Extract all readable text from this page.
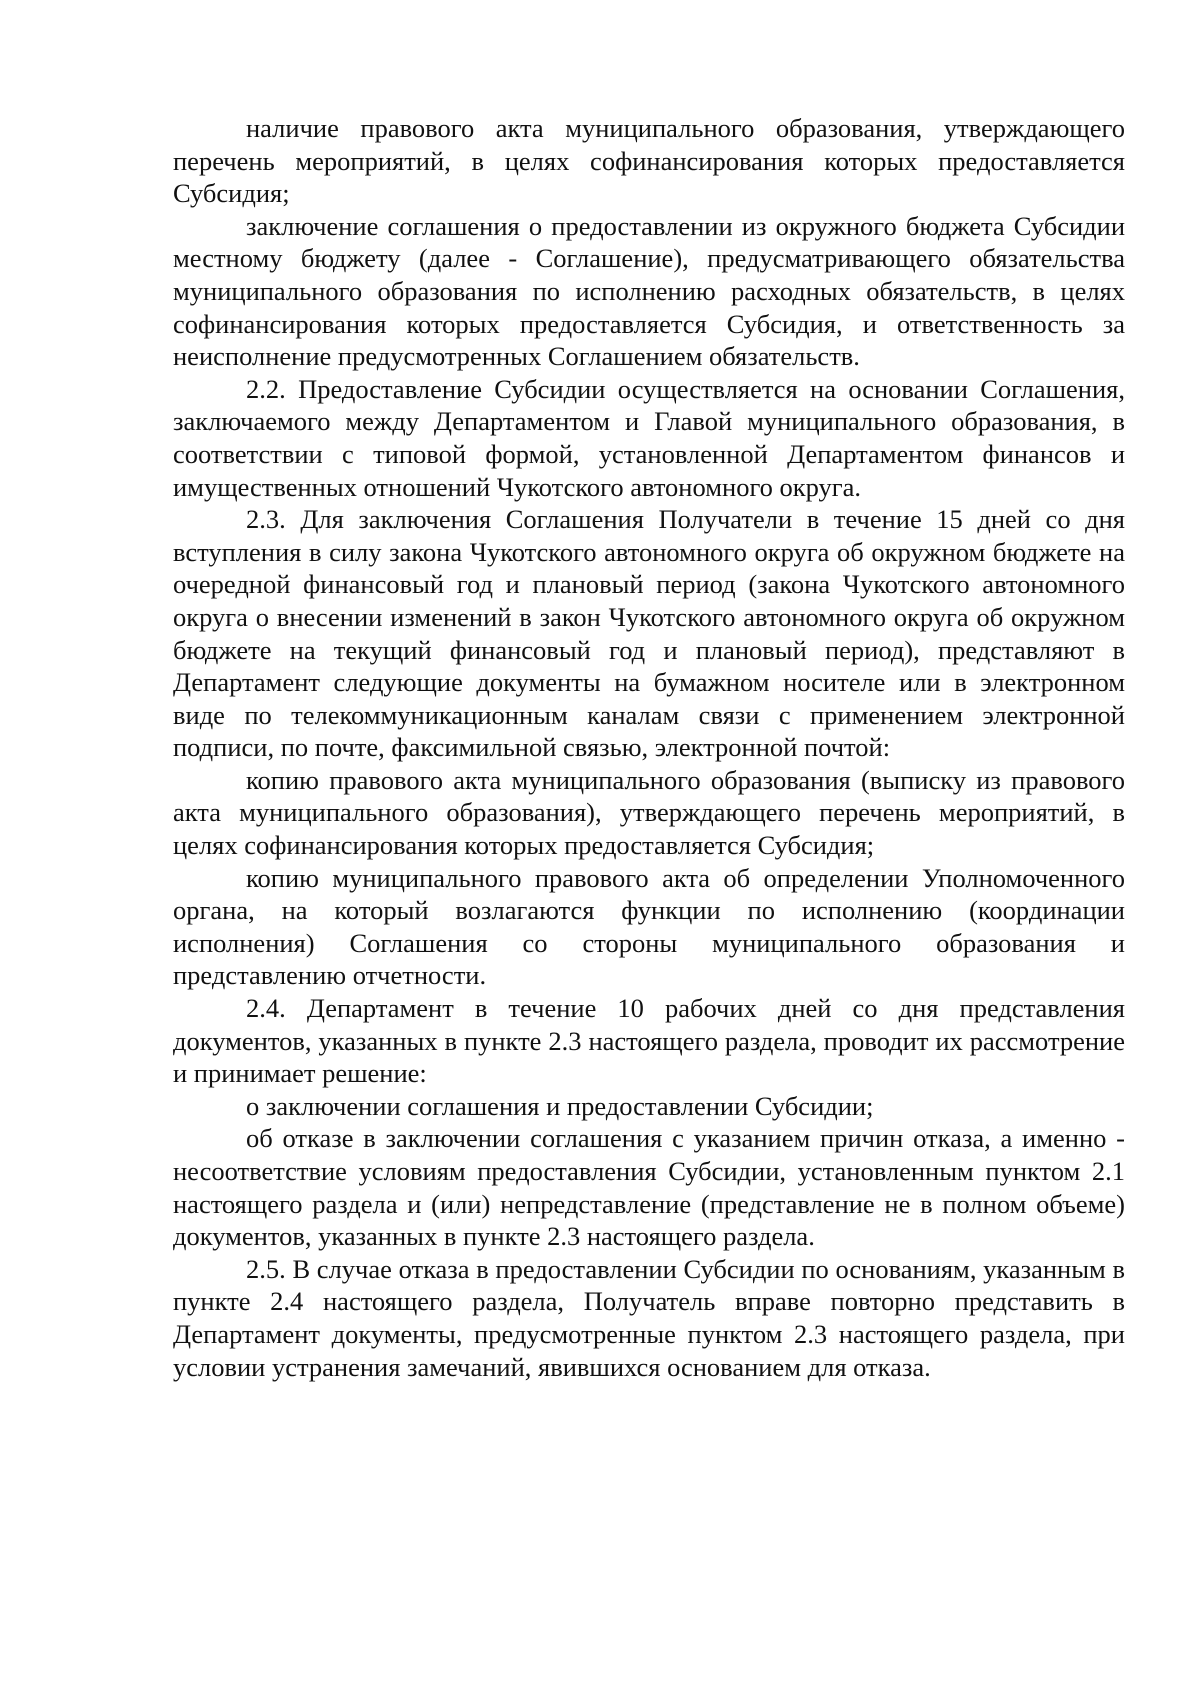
наличие правового акта муниципального образования, утверждающего перечень мероприятий, в целях софинансирования которых предоставляется Субсидия;

заключение соглашения о предоставлении из окружного бюджета Субсидии местному бюджету (далее - Соглашение), предусматривающего обязательства муниципального образования по исполнению расходных обязательств, в целях софинансирования которых предоставляется Субсидия, и ответственность за неисполнение предусмотренных Соглашением обязательств.

2.2. Предоставление Субсидии осуществляется на основании Соглашения, заключаемого между Департаментом и Главой муниципального образования, в соответствии с типовой формой, установленной Департаментом финансов и имущественных отношений Чукотского автономного округа.

2.3. Для заключения Соглашения Получатели в течение 15 дней со дня вступления в силу закона Чукотского автономного округа об окружном бюджете на очередной финансовый год и плановый период (закона Чукотского автономного округа о внесении изменений в закон Чукотского автономного округа об окружном бюджете на текущий финансовый год и плановый период), представляют в Департамент следующие документы на бумажном носителе или в электронном виде по телекоммуникационным каналам связи с применением электронной подписи, по почте, факсимильной связью, электронной почтой:

копию правового акта муниципального образования (выписку из правового акта муниципального образования), утверждающего перечень мероприятий, в целях софинансирования которых предоставляется Субсидия;

копию муниципального правового акта об определении Уполномоченного органа, на который возлагаются функции по исполнению (координации исполнения) Соглашения со стороны муниципального образования и представлению отчетности.

2.4. Департамент в течение 10 рабочих дней со дня представления документов, указанных в пункте 2.3 настоящего раздела, проводит их рассмотрение и принимает решение:

о заключении соглашения и предоставлении Субсидии;

об отказе в заключении соглашения с указанием причин отказа, а именно - несоответствие условиям предоставления Субсидии, установленным пунктом 2.1 настоящего раздела и (или) непредставление (представление не в полном объеме) документов, указанных в пункте 2.3 настоящего раздела.

2.5. В случае отказа в предоставлении Субсидии по основаниям, указанным в пункте 2.4 настоящего раздела, Получатель вправе повторно представить в Департамент документы, предусмотренные пунктом 2.3 настоящего раздела, при условии устранения замечаний, явившихся основанием для отказа.
